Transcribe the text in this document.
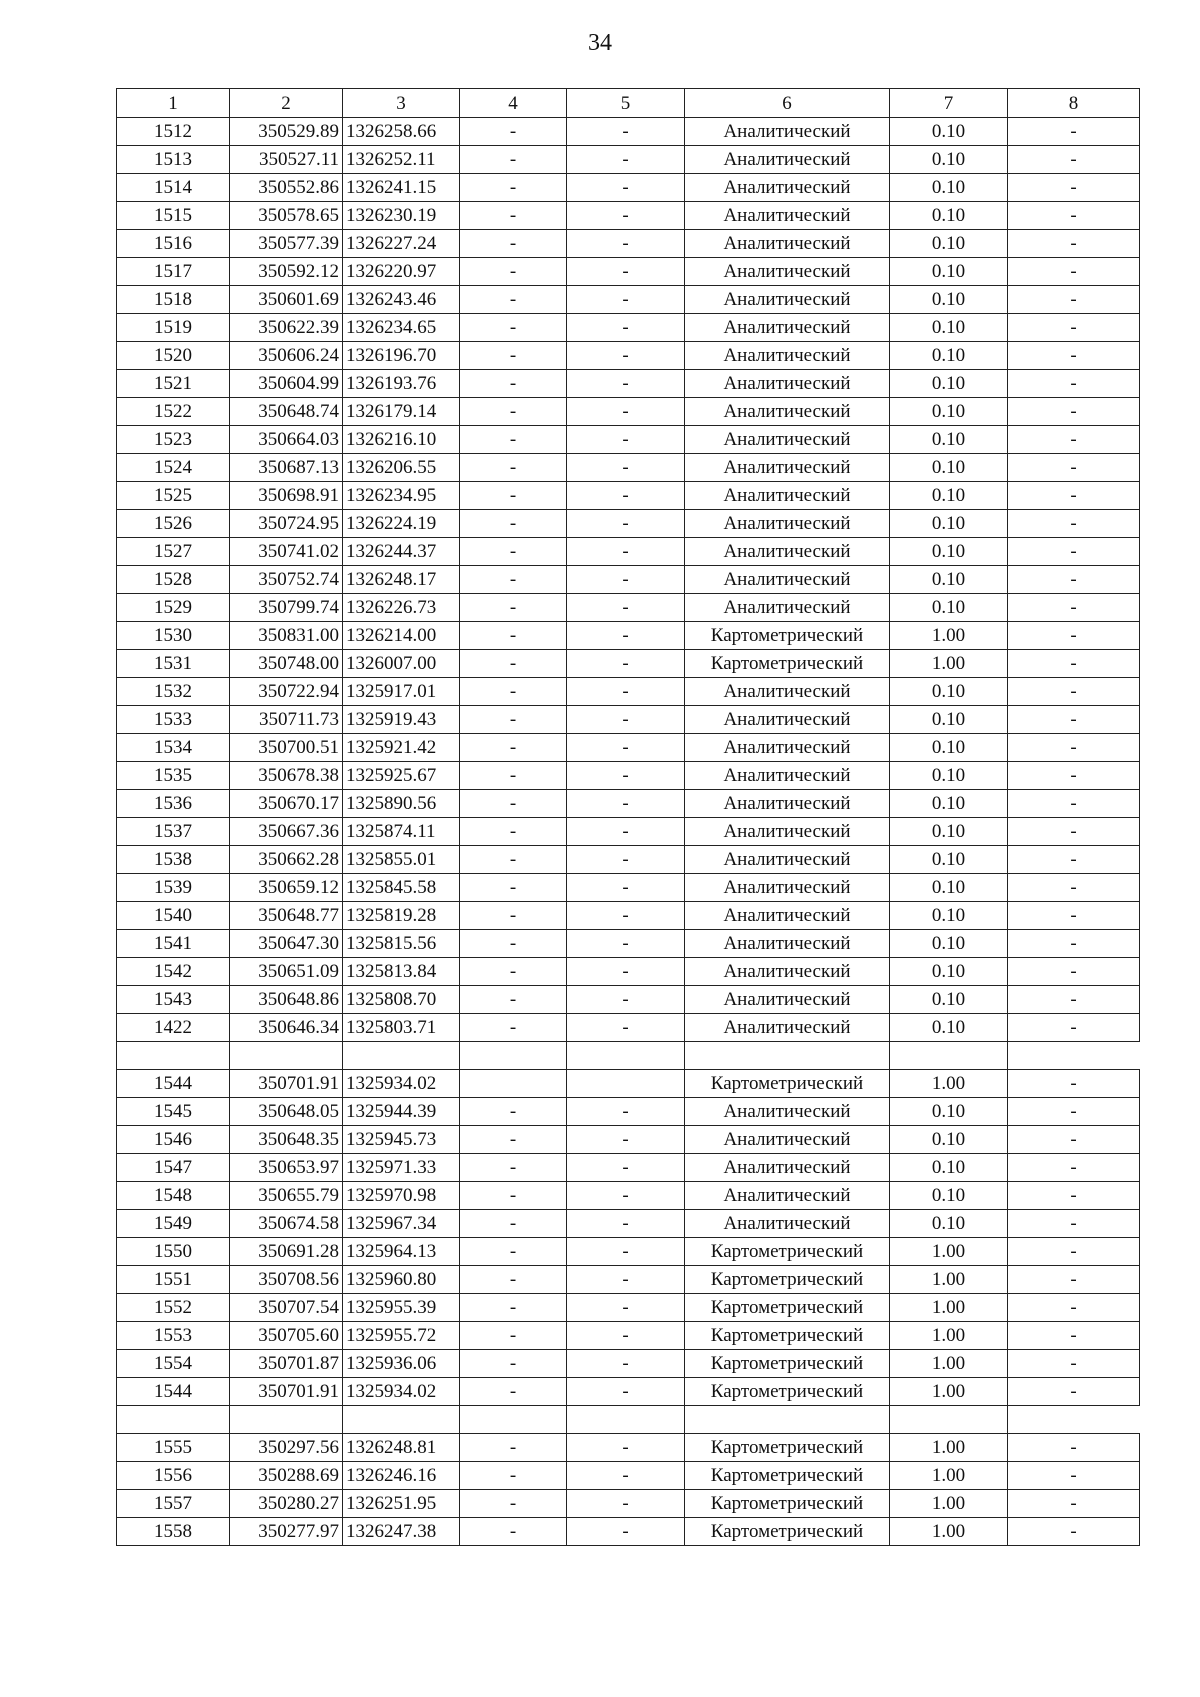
34
1	2	3	4	5	6	7	8
1512	350529.89	1326258.66	-	-	Аналитический	0.10	-
1513	350527.11	1326252.11	-	-	Аналитический	0.10	-
1514	350552.86	1326241.15	-	-	Аналитический	0.10	-
1515	350578.65	1326230.19	-	-	Аналитический	0.10	-
1516	350577.39	1326227.24	-	-	Аналитический	0.10	-
1517	350592.12	1326220.97	-	-	Аналитический	0.10	-
1518	350601.69	1326243.46	-	-	Аналитический	0.10	-
1519	350622.39	1326234.65	-	-	Аналитический	0.10	-
1520	350606.24	1326196.70	-	-	Аналитический	0.10	-
1521	350604.99	1326193.76	-	-	Аналитический	0.10	-
1522	350648.74	1326179.14	-	-	Аналитический	0.10	-
1523	350664.03	1326216.10	-	-	Аналитический	0.10	-
1524	350687.13	1326206.55	-	-	Аналитический	0.10	-
1525	350698.91	1326234.95	-	-	Аналитический	0.10	-
1526	350724.95	1326224.19	-	-	Аналитический	0.10	-
1527	350741.02	1326244.37	-	-	Аналитический	0.10	-
1528	350752.74	1326248.17	-	-	Аналитический	0.10	-
1529	350799.74	1326226.73	-	-	Аналитический	0.10	-
1530	350831.00	1326214.00	-	-	Картометрический	1.00	-
1531	350748.00	1326007.00	-	-	Картометрический	1.00	-
1532	350722.94	1325917.01	-	-	Аналитический	0.10	-
1533	350711.73	1325919.43	-	-	Аналитический	0.10	-
1534	350700.51	1325921.42	-	-	Аналитический	0.10	-
1535	350678.38	1325925.67	-	-	Аналитический	0.10	-
1536	350670.17	1325890.56	-	-	Аналитический	0.10	-
1537	350667.36	1325874.11	-	-	Аналитический	0.10	-
1538	350662.28	1325855.01	-	-	Аналитический	0.10	-
1539	350659.12	1325845.58	-	-	Аналитический	0.10	-
1540	350648.77	1325819.28	-	-	Аналитический	0.10	-
1541	350647.30	1325815.56	-	-	Аналитический	0.10	-
1542	350651.09	1325813.84	-	-	Аналитический	0.10	-
1543	350648.86	1325808.70	-	-	Аналитический	0.10	-
1422	350646.34	1325803.71	-	-	Аналитический	0.10	-

1544	350701.91	1325934.02			Картометрический	1.00	-
1545	350648.05	1325944.39	-	-	Аналитический	0.10	-
1546	350648.35	1325945.73	-	-	Аналитический	0.10	-
1547	350653.97	1325971.33	-	-	Аналитический	0.10	-
1548	350655.79	1325970.98	-	-	Аналитический	0.10	-
1549	350674.58	1325967.34	-	-	Аналитический	0.10	-
1550	350691.28	1325964.13	-	-	Картометрический	1.00	-
1551	350708.56	1325960.80	-	-	Картометрический	1.00	-
1552	350707.54	1325955.39	-	-	Картометрический	1.00	-
1553	350705.60	1325955.72	-	-	Картометрический	1.00	-
1554	350701.87	1325936.06	-	-	Картометрический	1.00	-
1544	350701.91	1325934.02	-	-	Картометрический	1.00	-

1555	350297.56	1326248.81	-	-	Картометрический	1.00	-
1556	350288.69	1326246.16	-	-	Картометрический	1.00	-
1557	350280.27	1326251.95	-	-	Картометрический	1.00	-
1558	350277.97	1326247.38	-	-	Картометрический	1.00	-
